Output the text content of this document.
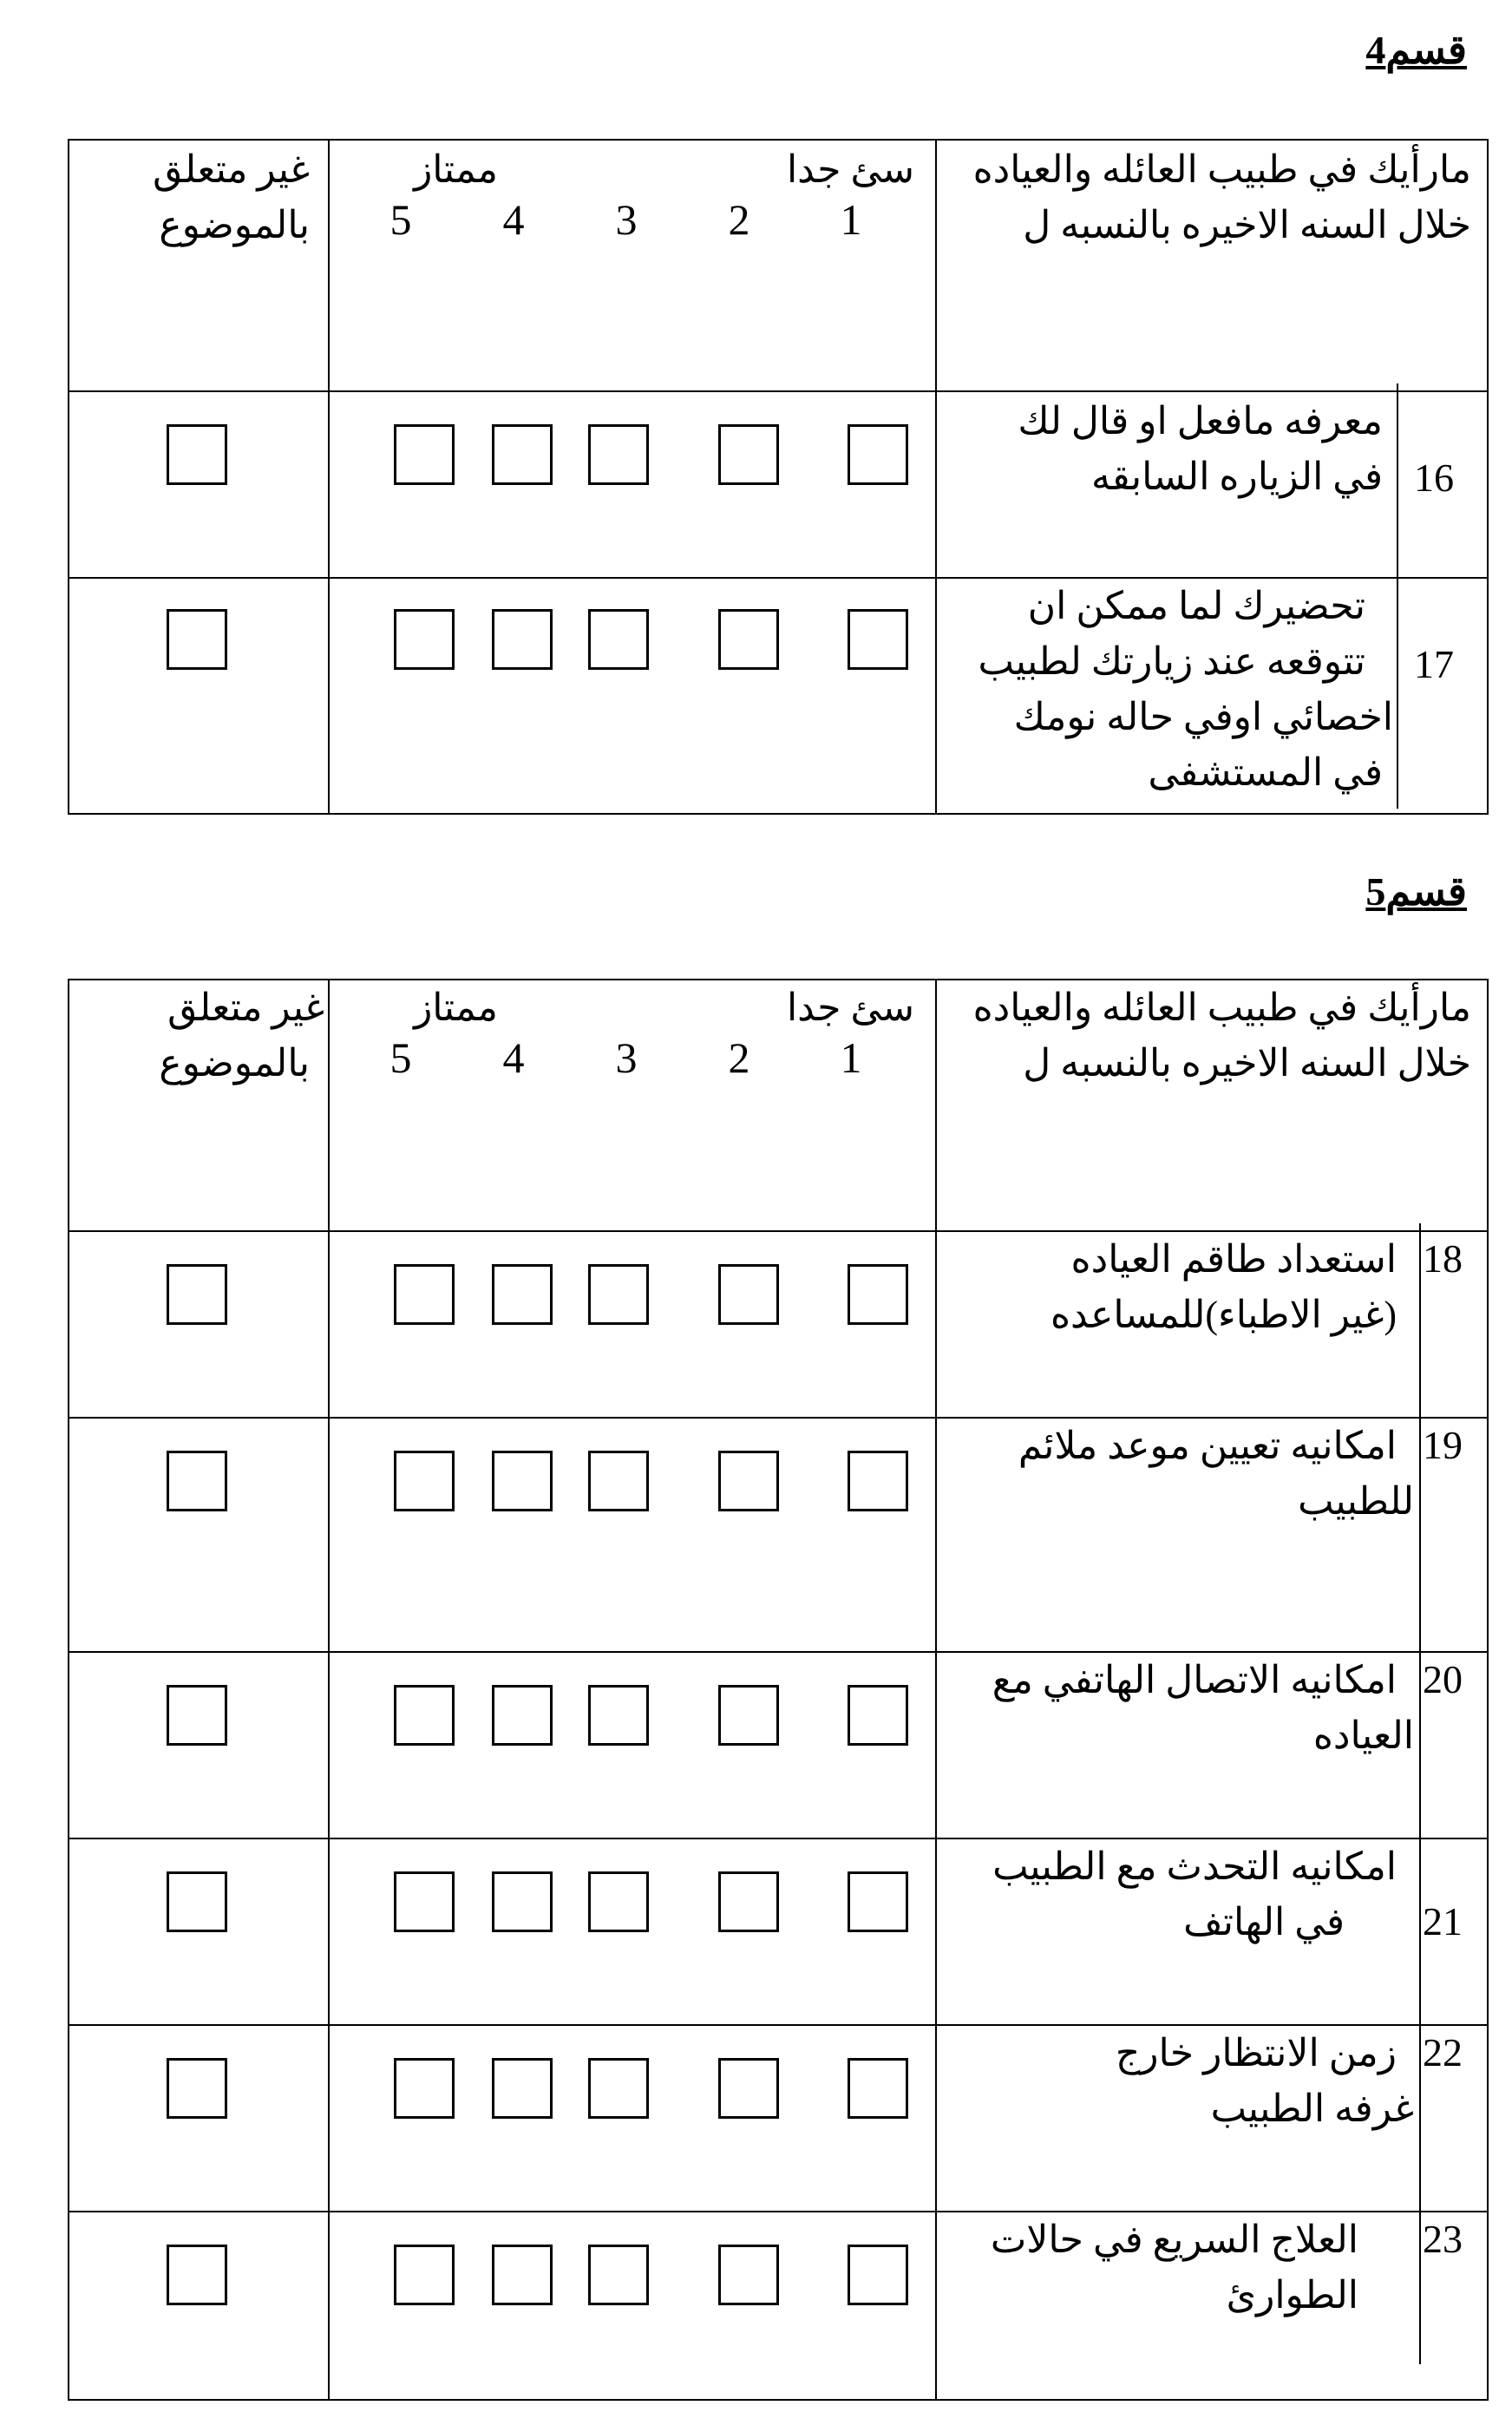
قسم4
مارأيك في طبيب العائله والعياده
خلال السنه الاخيره بالنسبه ل
سئ جدا
ممتاز
غير متعلق
بالموضوع	1
2
3
4
5
16
معرفه مافعل او قال لك
في الزياره السابقه
17
تحضيرك لما ممكن ان
تتوقعه عند زيارتك لطبيب
اخصائي اوفي حاله نومك
في المستشفى
قسم5
مارأيك في طبيب العائله والعياده
خلال السنه الاخيره بالنسبه ل
سئ جدا
ممتاز
غير متعلق
بالموضوع	1
2
3
4
5
18
استعداد طاقم العياده
(غير الاطباء)للمساعده
19
امكانيه تعيين موعد ملائم
للطبيب
20
امكانيه الاتصال الهاتفي مع
العياده
21
امكانيه التحدث مع الطبيب
في الهاتف
22
زمن الانتظار خارج
غرفه الطبيب
23
العلاج السريع في حالات
الطوارئ
